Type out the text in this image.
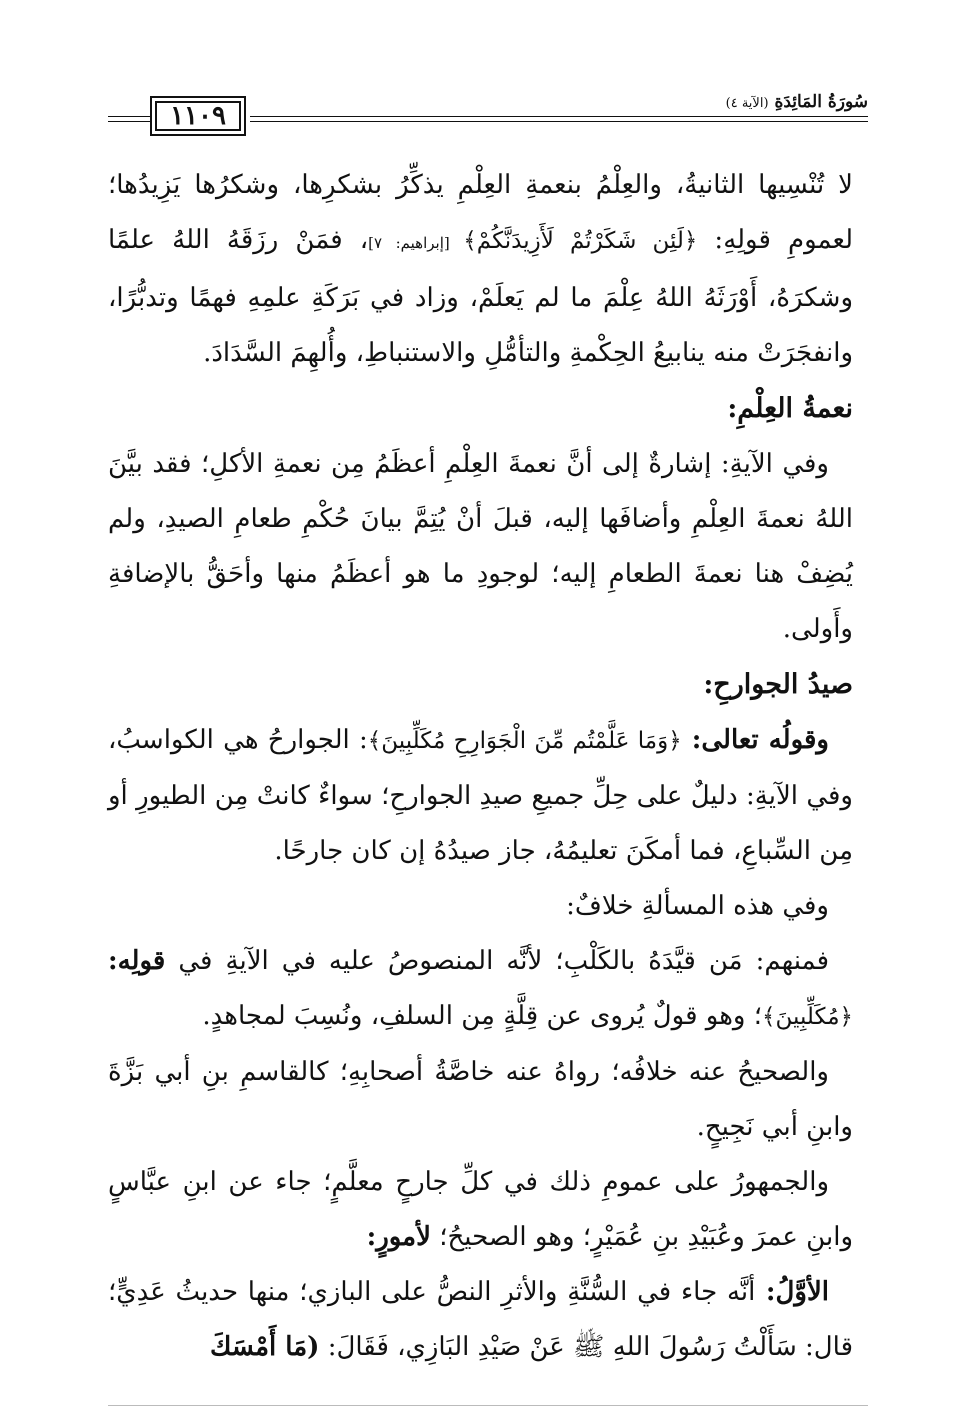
١١٠٩	سُورَةُ المَائِدَةِ (الآية ٤)

لا تُنْسِيها الثانيةُ، والعِلْمُ بنعمةِ العِلْمِ يذكِّرُ بشكرِها، وشكرُها يَزِيدُها؛ لعمومِ قولِهِ: ﴿لَئِن شَكَرْتُمْ لَأَزِيدَنَّكُمْ﴾ [إبراهيم: ٧]، فمَنْ رزَقَهُ اللهُ علمًا وشكرَهُ، أَوْرَثَهُ اللهُ عِلْمَ ما لم يَعلَمْ، وزاد في بَرَكَةِ علمِهِ فهمًا وتدبُّرًا، وانفجَرَتْ منه ينابيعُ الحِكْمةِ والتأمُّلِ والاستنباطِ، وأُلهِمَ السَّدَادَ.

نعمةُ العِلْمِ:

وفي الآيةِ: إشارةٌ إلى أنَّ نعمةَ العِلْمِ أعظَمُ مِن نعمةِ الأكلِ؛ فقد بيَّنَ اللهُ نعمةَ العِلْمِ وأضافَها إليه، قبلَ أنْ يُتِمَّ بيانَ حُكْمِ طعامِ الصيدِ، ولم يُضِفْ هنا نعمةَ الطعامِ إليه؛ لوجودِ ما هو أعظَمُ منها وأحَقُّ بالإضافةِ وأَولى.

صيدُ الجوارحِ:

وقولُه تعالى: ﴿وَمَا عَلَّمْتُم مِّنَ الْجَوَارِحِ مُكَلِّبِينَ﴾: الجوارحُ هي الكواسبُ، وفي الآيةِ: دليلٌ على حِلِّ جميعِ صيدِ الجوارحِ؛ سواءٌ كانتْ مِن الطيورِ أو مِن السِّباعِ، فما أمكَنَ تعليمُهُ، جاز صيدُهُ إن كان جارحًا.

وفي هذه المسألةِ خلافٌ:

فمنهم: مَن قيَّدَهُ بالكَلْبِ؛ لأنَّه المنصوصُ عليه في الآيةِ في قولِه: ﴿مُكَلِّبِينَ﴾؛ وهو قولٌ يُروى عن قِلَّةٍ مِن السلفِ، ونُسِبَ لمجاهدٍ.

والصحيحُ عنه خلافُه؛ رواهُ عنه خاصَّةُ أصحابِهِ؛ كالقاسمِ بنِ أبي بَزَّةَ وابنِ أبي نَجِيحٍ.

والجمهورُ على عمومِ ذلك في كلِّ جارحٍ معلَّمٍ؛ جاء عن ابنِ عبَّاسٍ وابنِ عمرَ وعُبَيْدِ بنِ عُمَيْرٍ؛ وهو الصحيحُ؛ لأمورٍ:

الأوَّلُ: أنَّه جاء في السُّنَّةِ والأثرِ النصُّ على البازي؛ منها حديثُ عَدِيٍّ؛ قال: سَأَلْتُ رَسُولَ اللهِ ﷺ عَنْ صَيْدِ البَازِي، فَقَالَ: (مَا أَمْسَكَ
